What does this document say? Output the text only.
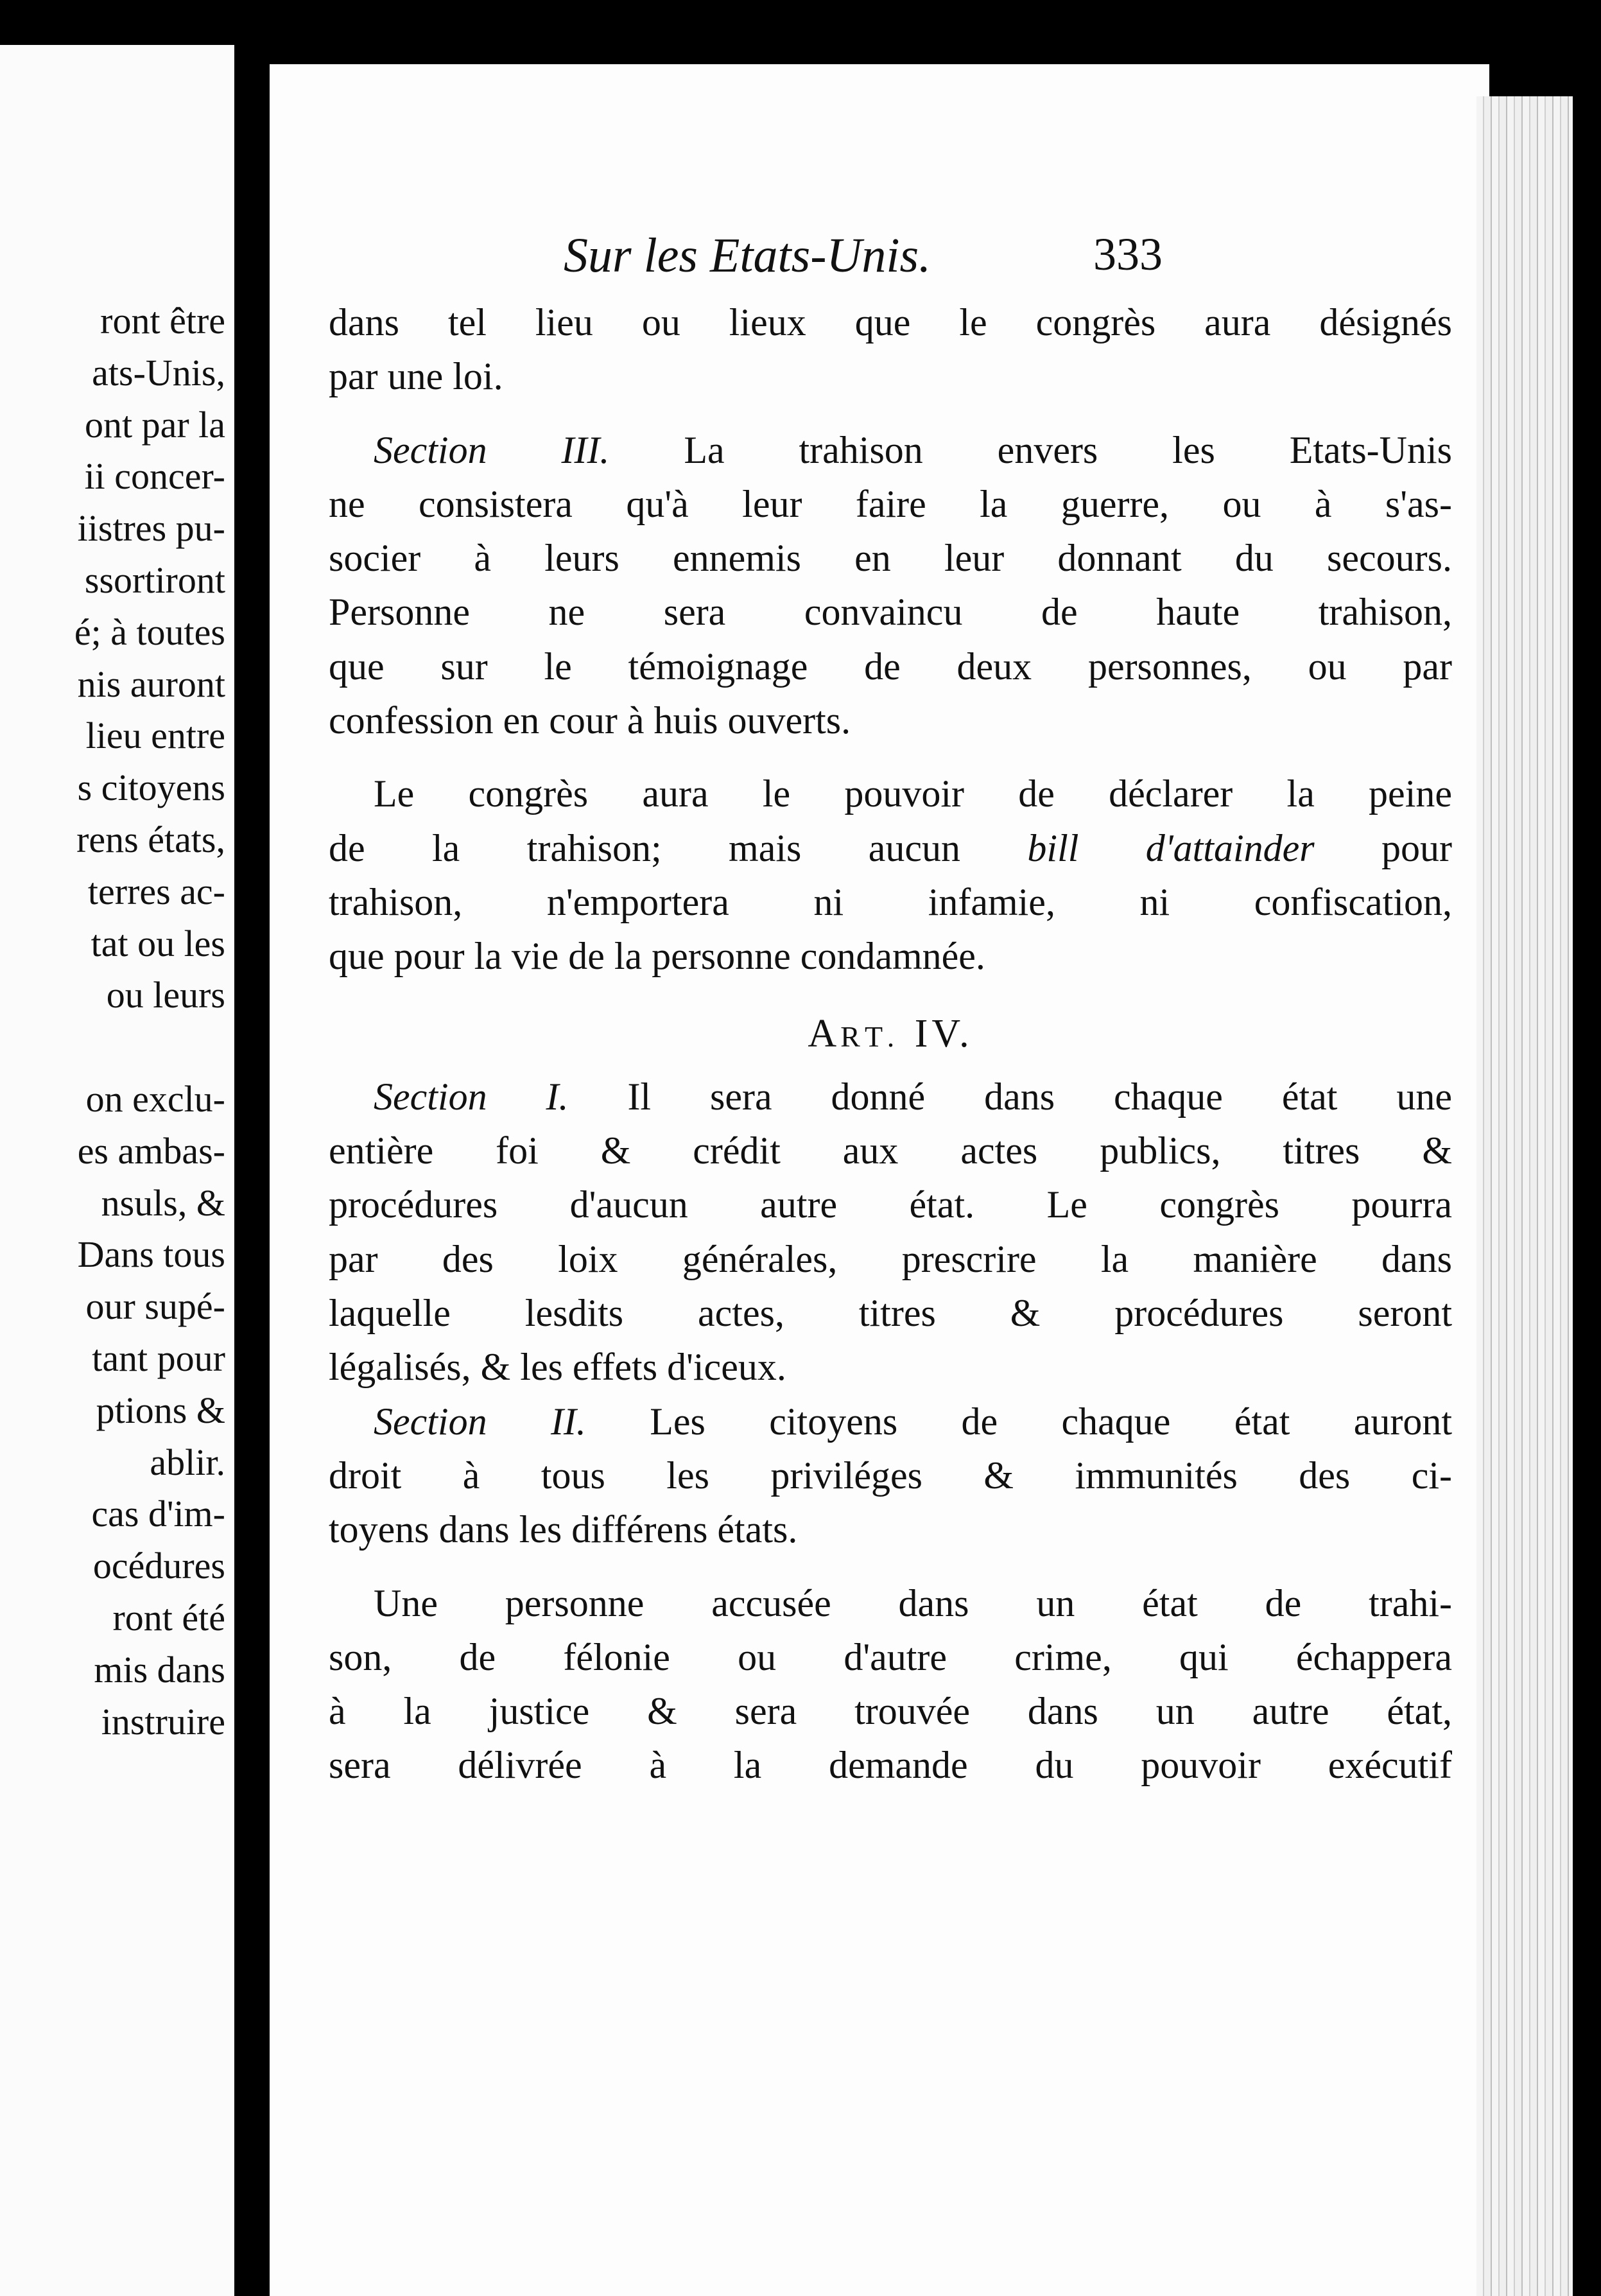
ront être
ats-Unis,
ont par la
ii concer-
iistres pu-
ssortiront
é; à toutes
nis auront
lieu entre
s citoyens
rens états,
terres ac-
tat ou les
ou leurs

on exclu-
es ambas-
nsuls, &
Dans tous
our supé-
tant pour
ptions &
ablir.
cas d'im-
océdures
ront été
mis dans
instruire
Sur les Etats-Unis.	333
dans tel lieu ou lieux que le congrès aura désignés
par une loi.
Section III. La trahison envers les Etats-Unis
ne consistera qu'à leur faire la guerre, ou à s'as-
socier à leurs ennemis en leur donnant du secours.
Personne ne sera convaincu de haute trahison,
que sur le témoignage de deux personnes, ou par
confession en cour à huis ouverts.
Le congrès aura le pouvoir de déclarer la peine
de la trahison; mais aucun bill d'attainder pour
trahison, n'emportera ni infamie, ni confiscation,
que pour la vie de la personne condamnée.
ART. IV.
Section I. Il sera donné dans chaque état une
entière foi & crédit aux actes publics, titres &
procédures d'aucun autre état. Le congrès pourra
par des loix générales, prescrire la manière dans
laquelle lesdits actes, titres & procédures seront
légalisés, & les effets d'iceux.
Section II. Les citoyens de chaque état auront
droit à tous les priviléges & immunités des ci-
toyens dans les différens états.
Une personne accusée dans un état de trahi-
son, de félonie ou d'autre crime, qui échappera
à la justice & sera trouvée dans un autre état,
sera délivrée à la demande du pouvoir exécutif
